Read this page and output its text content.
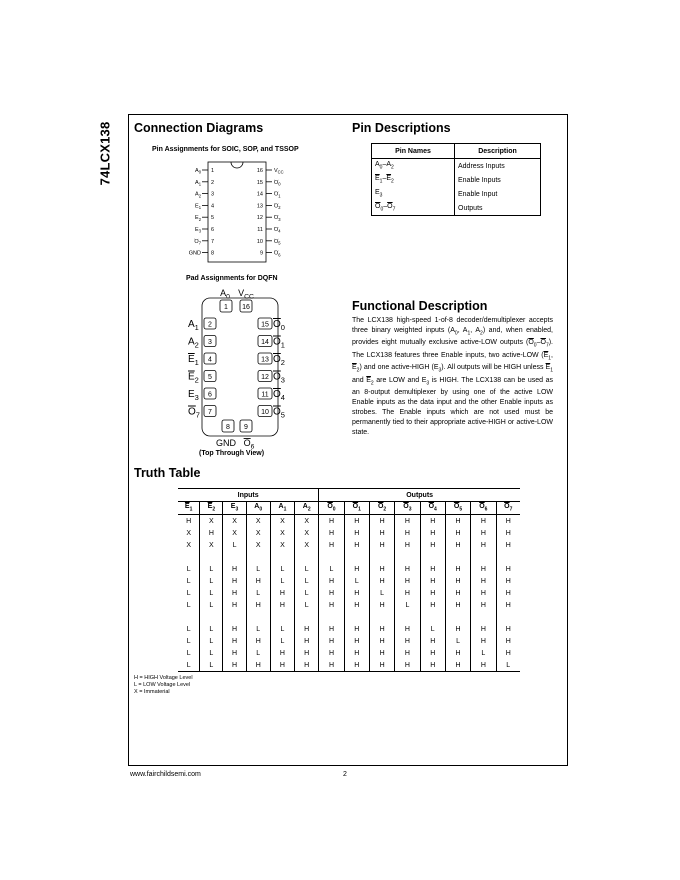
74LCX138 Connection Diagrams
Pin Assignments for SOIC, SOP, and TSSOP
$A_0$ 1
$A_1$ 2
$A_2$ 3
$E_1$ 4
$E_2$ 5
$E_3$ 6
$O_7$ 7
GND 8
16 $V_{CC}$
15 $O_0$
14 $O_1$
13 $O_2$
12 $O_3$
11 $O_4$
10 $O_5$
9 $O_6$
Pad Assignments for DQFN
$A_0$ $V_{CC}$
1 16
$A_1$ 2
$A_2$ 3
$E_1$ 4
$E_2$ 5
$E_3$ 6
$O_7$ 7
15 $O_0$
14 $O_1$
13 $O_2$
12 $O_3$
11 $O_4$
10 $O_5$
8 9
GND $O_6$
(Top Through View)
Pin Descriptions
Pin Names	Description
$A_0-A_2$	Address Inputs
$\overline{E}_1-\overline{E}_2$	Enable Inputs
$E_3$	Enable Input
$\overline{O}_0-\overline{O}_7$	Outputs
Functional Description
The LCX138 high-speed 1-of-8 decoder/demultiplexer accepts three binary weighted inputs ($A_0$, $A_1$, $A_2$) and, when enabled, provides eight mutually exclusive active-LOW outputs $(\overline{O}_0-\overline{O}_7)$. The LCX138 features three Enable inputs, two active-LOW ($\overline{E}_1$, $\overline{E}_2$) and one active-HIGH $(E_3)$. All outputs will be HIGH unless $\overline{E}_1$ and $\overline{E}_2$ are LOW and $E_3$ is HIGH. The LCX138 can be used as an 8-output demultiplexer by using one of the active LOW Enable inputs as the data input and the other Enable inputs as strobes. The Enable inputs which are not used must be permanently tied to their appropriate active-HIGH or active-LOW state.
Truth Table
Inputs						Outputs							
$\overline{E}_1$	$\overline{E}_2$	$E_3$	$A_0$	$A_1$	$A_2$	$\overline{O}_0$	$\overline{O}_1$	$\overline{O}_2$	$\overline{O}_3$	$\overline{O}_4$	$\overline{O}_5$	$\overline{O}_6$	$\overline{O}_7$
H	X	X	X	X	X	H	H	H	H	H	H	H	H
X	H	X	X	X	X	H	H	H	H	H	H	H	H
X	X	L	X	X	X	H	H	H	H	H	H	H	H

L	L	H	L	L	L	L	H	H	H	H	H	H	H
L	L	H	H	L	L	H	L	H	H	H	H	H	H
L	L	H	L	H	L	H	H	L	H	H	H	H	H
L	L	H	H	H	L	H	H	H	L	H	H	H	H

L	L	H	L	L	H	H	H	H	H	L	H	H	H
L	L	H	H	L	H	H	H	H	H	H	L	H	H
L	L	H	L	H	H	H	H	H	H	H	H	L	H
L	L	H	H	H	H	H	H	H	H	H	H	H	L
H = HIGH Voltage Level
L = LOW Voltage Level
X = Immaterial
www.fairchildsemi.com	2
